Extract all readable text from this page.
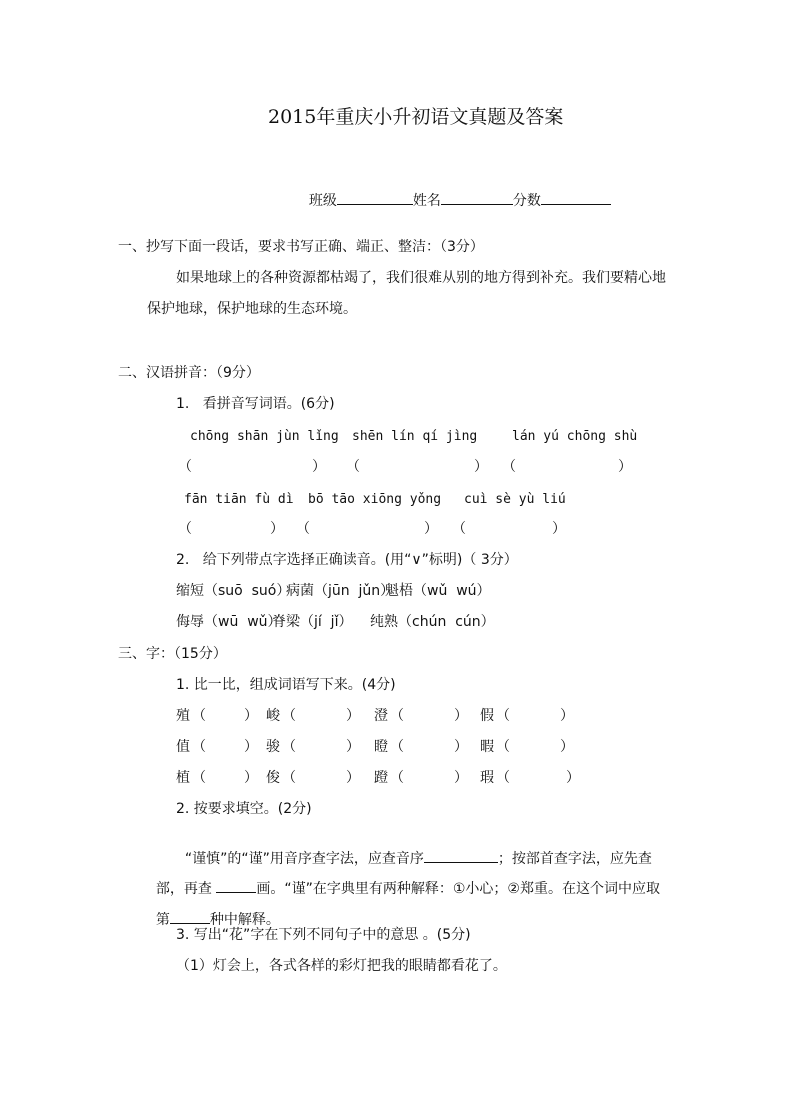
2015年重庆小升初语文真题及答案

班级	姓名	分数

一、抄写下面一段话，要求书写正确、端正、整洁：（3分）
如果地球上的各种资源都枯竭了，我们很难从别的地方得到补充。我们要精心地
保护地球，保护地球的生态环境。
二、汉语拼音：（9分）
1.   看拼音写词语。(6分)
chōng shān jùn lǐng shēn lín qí jìng	lán yú chōng shù
（	） （	） （	）
fān tiān fù dì bō tāo xiōng yǒng cuì sè yù liú
（	） （	） （	）
2.   给下列带点字选择正确读音。(用“∨”标明)（ 3分）
缩短（suō  suó）
病菌（jūn  jǔn）
魁梧（wǔ  wú）
侮辱（wū  wǔ）
脊梁（jí  jǐ） 纯熟（chún  cún）
三、字：（15分）
1. 比一比，组成词语写下来。(4分)
殖 （	） 峻 （	） 澄 （	） 假 （	）
值 （	） 骏 （	） 瞪 （	） 暇 （	）
植 （	） 俊 （	） 蹬 （	） 瑕 （	）
2. 按要求填空。(2分)

“谨慎”的“谨”用音序查字法，应查音序	；按部首查字法，应先查

部，再查	画。“谨”在字典里有两种解释：①小心；②郑重。在这个词中应取

第	种中解释。

3. 写出“花”字在下列不同句子中的意思 。(5分)
（1）灯会上，各式各样的彩灯把我的眼睛都看花了。
